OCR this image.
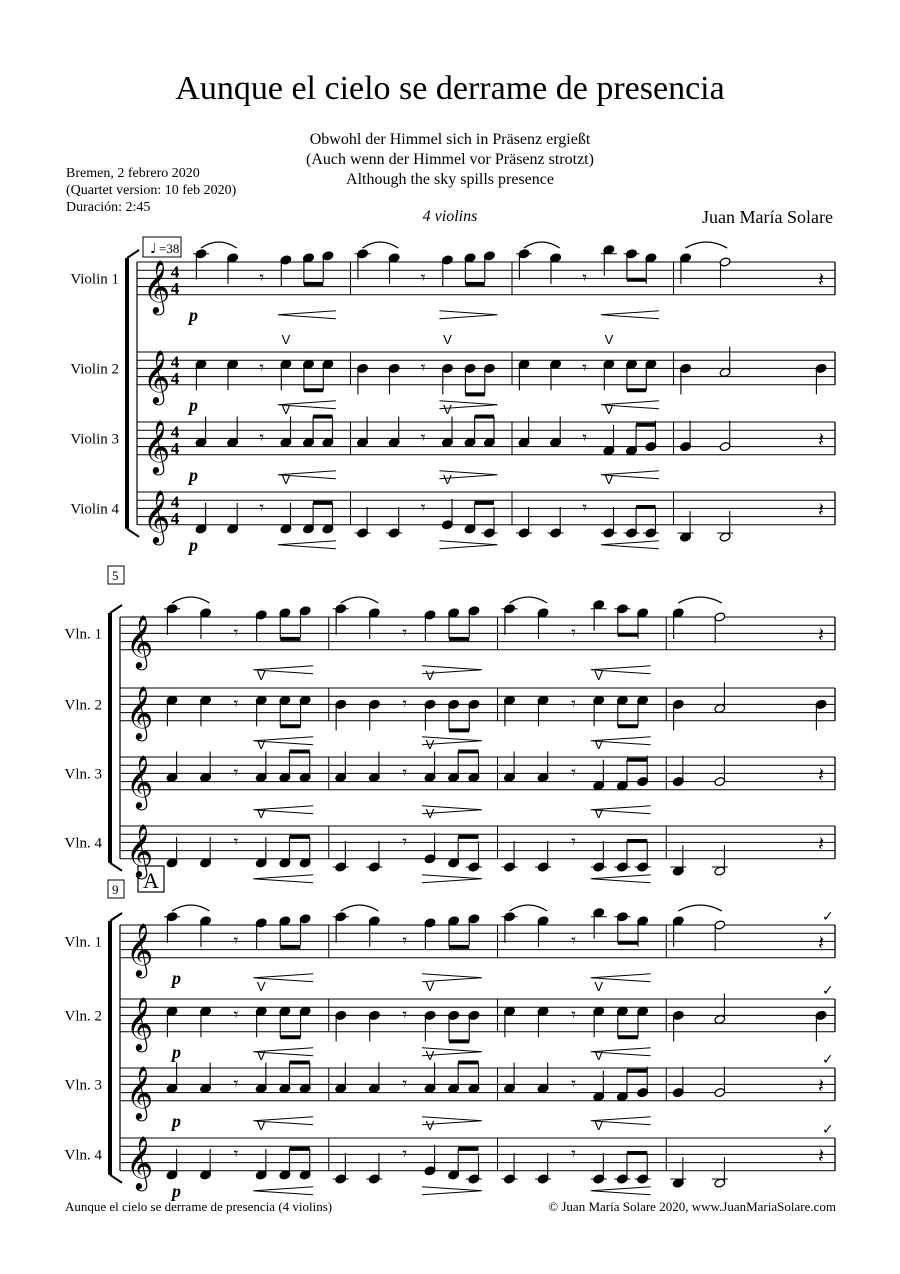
Aunque el cielo se derrame de presencia
Obwohl der Himmel sich in Präsenz ergießt
(Auch wenn der Himmel vor Präsenz strotzt)
Although the sky spills presence
Bremen, 2 febrero 2020
(Quartet version: 10 feb 2020)
Duración: 2:45
4 violins	Juan María Solare
♩ =38
𝄞
Violin 1	4
4	𝄾	𝄾	𝄾	𝄽
p
𝄞
Violin 2	4
4	𝄾
V
𝄾
V
𝄾
V
p
𝄞
Violin 3	4
4	𝄾
V
𝄾
V
𝄾
V
𝄽
p
𝄞
Violin 4	4
4	𝄾
V
𝄾
V
𝄾
V
𝄽
p
5
𝄞
Vln. 1	𝄾	𝄾	𝄾	𝄽
𝄞
Vln. 2	𝄾
V
𝄾
V
𝄾
V
𝄞
Vln. 3	𝄾
V
𝄾
V
𝄾
V
𝄽
𝄞
Vln. 4	𝄾
V
𝄾
V
𝄾
V
𝄽
9 A
𝄞
Vln. 1	𝄾	𝄾	𝄾	𝄽
p
𝄞
Vln. 2	𝄾
V
𝄾
V
𝄾
V
p
𝄞
Vln. 3	𝄾
V
𝄾
V
𝄾
V
𝄽
p
𝄞
Vln. 4	𝄾
V
𝄾
V
𝄾
V
𝄽
p
✓
✓
✓
✓
Aunque el cielo se derrame de presencia (4 violins)	© Juan María Solare 2020, www.JuanMariaSolare.com
